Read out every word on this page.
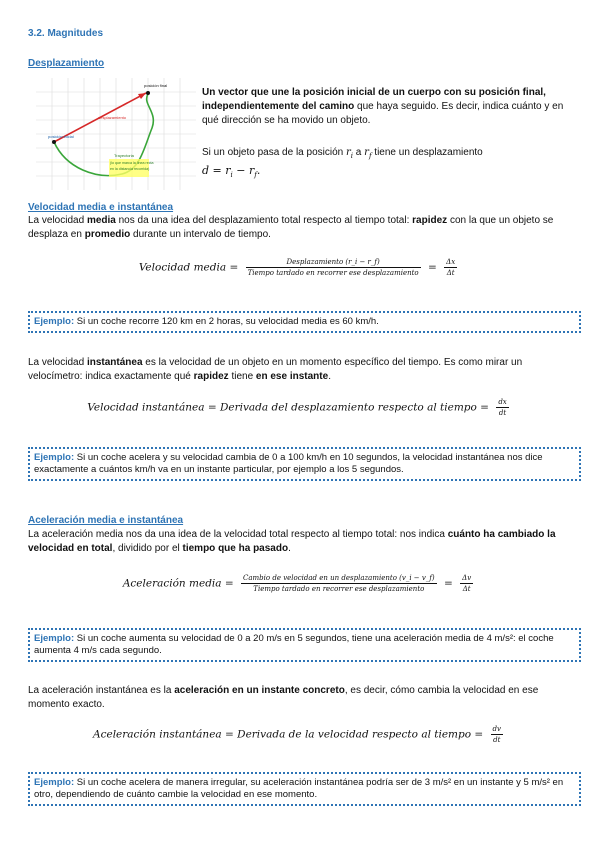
3.2. Magnitudes
Desplazamiento
posición final
posición inicial
desplazamiento
Trayectoria
(lo que marca la línea recta
en la distancia recorrida)
Un vector que une la posición inicial de un cuerpo con su posición final, independientemente del camino que haya seguido. Es decir, indica cuánto y en qué dirección se ha movido un objeto.
Si un objeto pasa de la posición $r_i$ a $r_f$ tiene un desplazamiento
$d = r_i - r_f$.
Velocidad media e instantánea
La velocidad media nos da una idea del desplazamiento total respecto al tiempo total: rapidez con la que un objeto se desplaza en promedio durante un intervalo de tiempo.
Velocidad media = $\frac{\text{Desplazamiento (r\_i − r\_f)}}{\text{Tiempo tardado en recorrer ese desplazamiento}} = \frac{\Delta x}{\Delta t}$
Ejemplo: Si un coche recorre 120 km en 2 horas, su velocidad media es 60 km/h.
La velocidad instantánea es la velocidad de un objeto en un momento específico del tiempo. Es como mirar un velocímetro: indica exactamente qué rapidez tiene en ese instante.
Velocidad instantánea = Derivada del desplazamiento respecto al tiempo = $\frac{dx}{dt}$
Ejemplo: Si un coche acelera y su velocidad cambia de 0 a 100 km/h en 10 segundos, la velocidad instantánea nos dice exactamente a cuántos km/h va en un instante particular, por ejemplo a los 5 segundos.
Aceleración media e instantánea
La aceleración media nos da una idea de la velocidad total respecto al tiempo total: nos indica cuánto ha cambiado la velocidad en total, dividido por el tiempo que ha pasado.
Aceleración media = $\frac{\text{Cambio de velocidad en un desplazamiento (v\_i − v\_f)}}{\text{Tiempo tardado en recorrer ese desplazamiento}} = \frac{\Delta v}{\Delta t}$
Ejemplo: Si un coche aumenta su velocidad de 0 a 20 m/s en 5 segundos, tiene una aceleración media de 4 m/s²: el coche aumenta 4 m/s cada segundo.
La aceleración instantánea es la aceleración en un instante concreto, es decir, cómo cambia la velocidad en ese momento exacto.
Aceleración instantánea = Derivada de la velocidad respecto al tiempo = $\frac{dv}{dt}$
Ejemplo: Si un coche acelera de manera irregular, su aceleración instantánea podría ser de 3 m/s² en un instante y 5 m/s² en otro, dependiendo de cuánto cambie la velocidad en ese momento.
